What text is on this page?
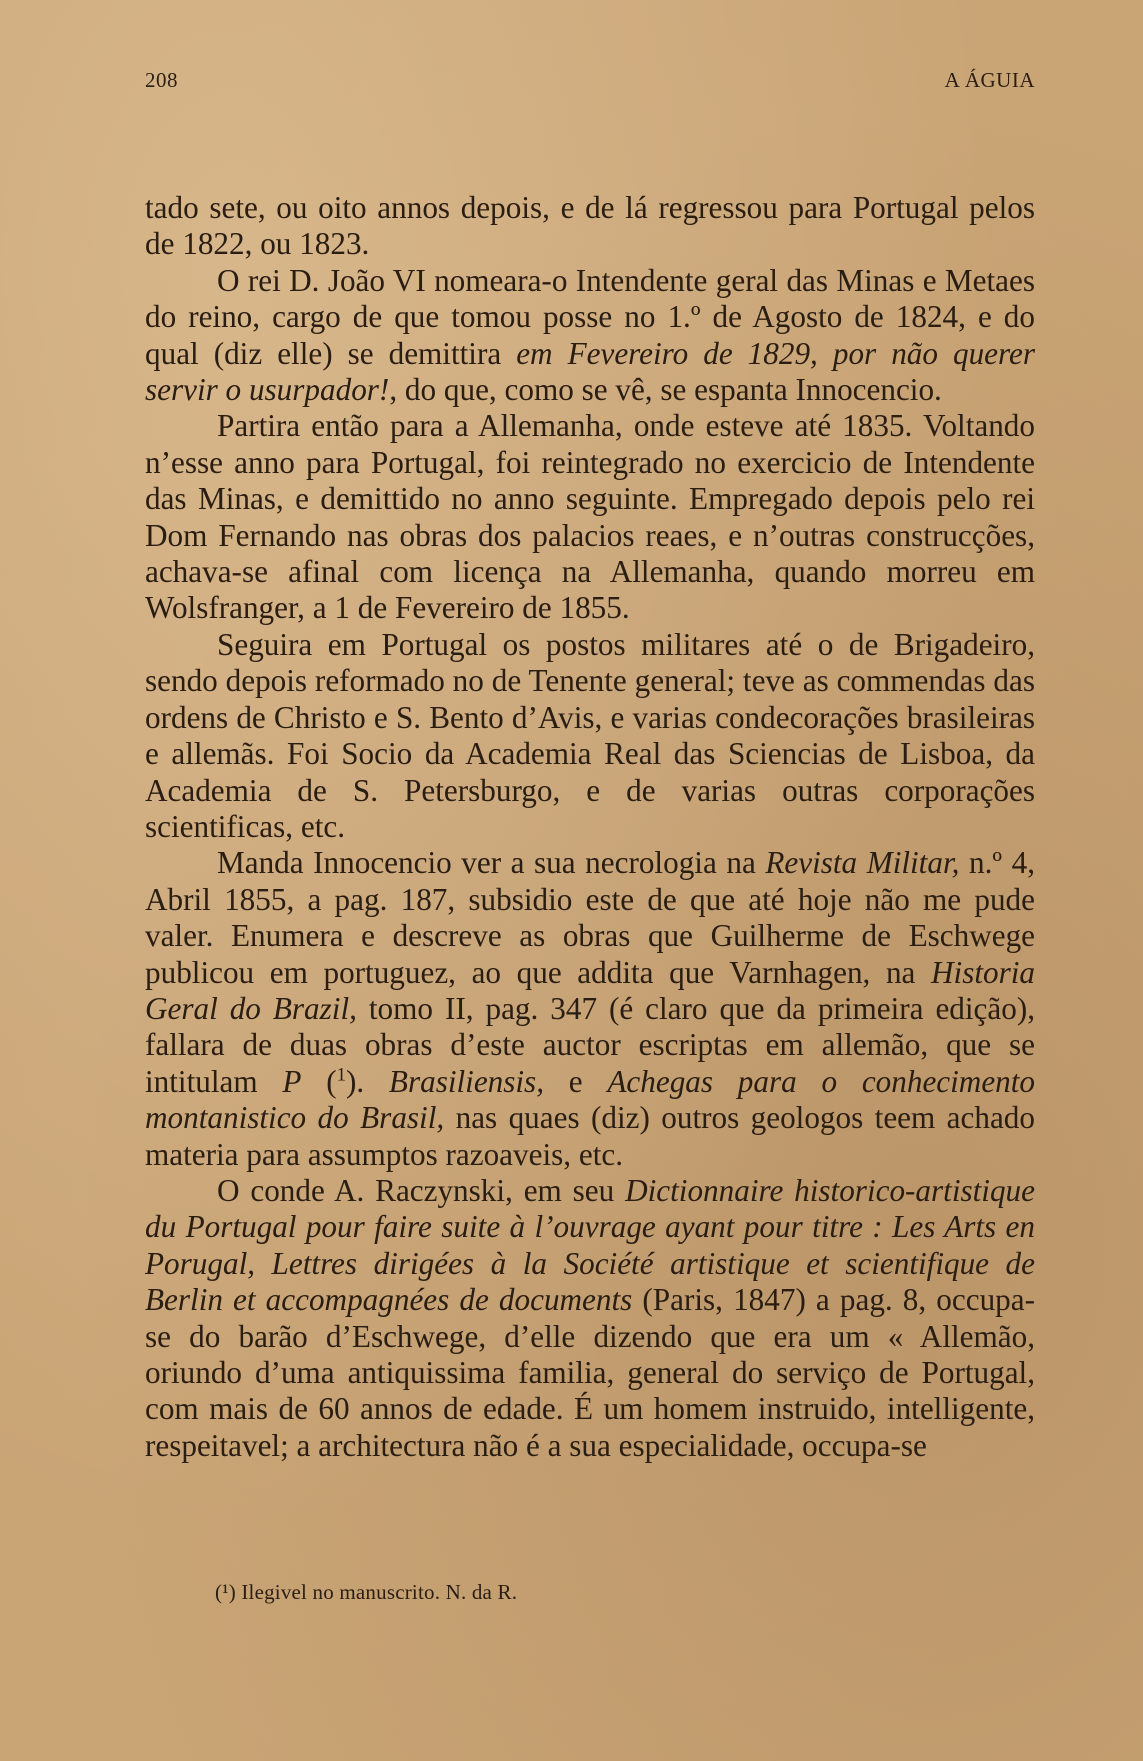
208	A ÁGUIA

tado sete, ou oito annos depois, e de lá regressou para Portugal pelos de 1822, ou 1823.

O rei D. João VI nomeara-o Intendente geral das Minas e Metaes do reino, cargo de que tomou posse no 1.º de Agosto de 1824, e do qual (diz elle) se demittira em Fevereiro de 1829, por não querer servir o usurpador!, do que, como se vê, se espanta Innocencio.

Partira então para a Allemanha, onde esteve até 1835. Voltando n’esse anno para Portugal, foi reintegrado no exercicio de Intendente das Minas, e demittido no anno seguinte. Empregado depois pelo rei Dom Fernando nas obras dos palacios reaes, e n’outras construcções, achava-se afinal com licença na Allemanha, quando morreu em Wolsfranger, a 1 de Fevereiro de 1855.

Seguira em Portugal os postos militares até o de Brigadeiro, sendo depois reformado no de Tenente general; teve as commendas das ordens de Christo e S. Bento d’Avis, e varias condecorações brasileiras e allemãs. Foi Socio da Academia Real das Sciencias de Lisboa, da Academia de S. Petersburgo, e de varias outras corporações scientificas, etc.

Manda Innocencio ver a sua necrologia na Revista Militar, n.º 4, Abril 1855, a pag. 187, subsidio este de que até hoje não me pude valer. Enumera e descreve as obras que Guilherme de Eschwege publicou em portuguez, ao que addita que Varnhagen, na Historia Geral do Brazil, tomo II, pag. 347 (é claro que da primeira edição), fallara de duas obras d’este auctor escriptas em allemão, que se intitulam P ($^1$). Brasiliensis, e Achegas para o conhecimento montanistico do Brasil, nas quaes (diz) outros geologos teem achado materia para assumptos razoaveis, etc.

O conde A. Raczynski, em seu Dictionnaire historico-artistique du Portugal pour faire suite à l’ouvrage ayant pour titre : Les Arts en Porugal, Lettres dirigées à la Société artistique et scientifique de Berlin et accompagnées de documents (Paris, 1847) a pag. 8, occupa-se do barão d’Eschwege, d’elle dizendo que era um « Allemão, oriundo d’uma antiquissima familia, general do serviço de Portugal, com mais de 60 annos de edade. É um homem instruido, intelligente, respeitavel; a architectura não é a sua especialidade, occupa-se

(¹) Ilegivel no manuscrito. N. da R.
